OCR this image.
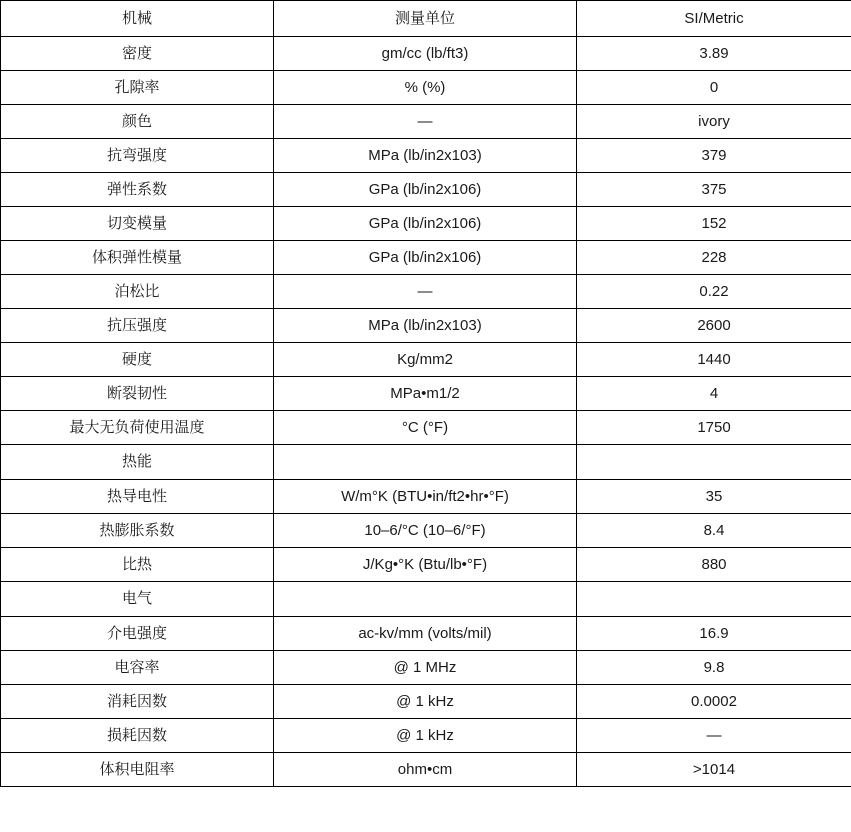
机械	测量单位	SI/Metric
密度	gm/cc (lb/ft3)	3.89
孔隙率	% (%)	0
颜色	—	ivory
抗弯强度	MPa (lb/in2x103)	379
弹性系数	GPa (lb/in2x106)	375
切变模量	GPa (lb/in2x106)	152
体积弹性模量	GPa (lb/in2x106)	228
泊松比	—	0.22
抗压强度	MPa (lb/in2x103)	2600
硬度	Kg/mm2	1440
断裂韧性	MPa•m1/2	4
最大无负荷使用温度	°C (°F)	1750
热能		
热导电性	W/m°K (BTU•in/ft2•hr•°F)	35
热膨胀系数	10–6/°C (10–6/°F)	8.4
比热	J/Kg•°K (Btu/lb•°F)	880
电气		
介电强度	ac-kv/mm (volts/mil)	16.9
电容率	@ 1 MHz	9.8
消耗因数	@ 1 kHz	0.0002
损耗因数	@ 1 kHz	—
体积电阻率	ohm•cm	>1014
